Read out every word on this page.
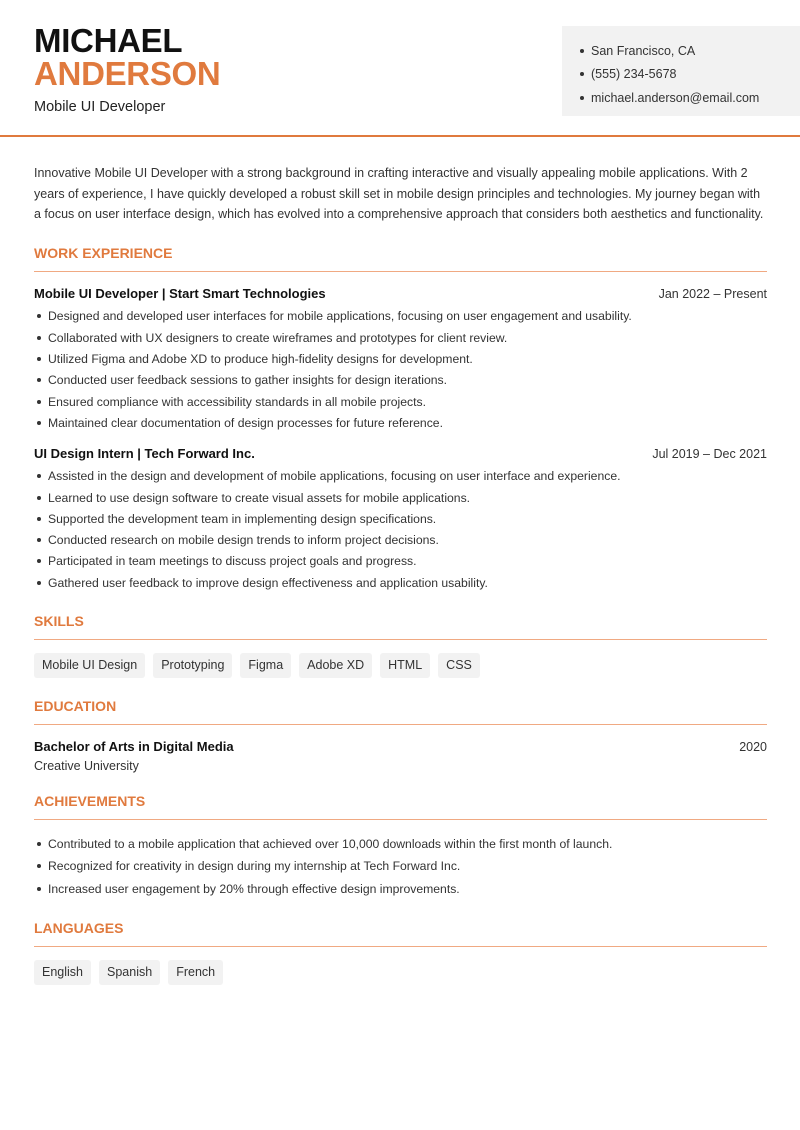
MICHAEL
ANDERSON
Mobile UI Developer
San Francisco, CA
(555) 234-5678
michael.anderson@email.com

Innovative Mobile UI Developer with a strong background in crafting interactive and visually appealing mobile applications. With 2 years of experience, I have quickly developed a robust skill set in mobile design principles and technologies. My journey began with a focus on user interface design, which has evolved into a comprehensive approach that considers both aesthetics and functionality.

WORK EXPERIENCE
Mobile UI Developer | Start Smart Technologies	Jan 2022 – Present
Designed and developed user interfaces for mobile applications, focusing on user engagement and usability.
Collaborated with UX designers to create wireframes and prototypes for client review.
Utilized Figma and Adobe XD to produce high-fidelity designs for development.
Conducted user feedback sessions to gather insights for design iterations.
Ensured compliance with accessibility standards in all mobile projects.
Maintained clear documentation of design processes for future reference.
UI Design Intern | Tech Forward Inc.	Jul 2019 – Dec 2021
Assisted in the design and development of mobile applications, focusing on user interface and experience.
Learned to use design software to create visual assets for mobile applications.
Supported the development team in implementing design specifications.
Conducted research on mobile design trends to inform project decisions.
Participated in team meetings to discuss project goals and progress.
Gathered user feedback to improve design effectiveness and application usability.
SKILLS
Mobile UI Design	Prototyping	Figma	Adobe XD	HTML	CSS
EDUCATION
Bachelor of Arts in Digital Media	2020
Creative University
ACHIEVEMENTS
Contributed to a mobile application that achieved over 10,000 downloads within the first month of launch.
Recognized for creativity in design during my internship at Tech Forward Inc.
Increased user engagement by 20% through effective design improvements.
LANGUAGES
English	Spanish	French
